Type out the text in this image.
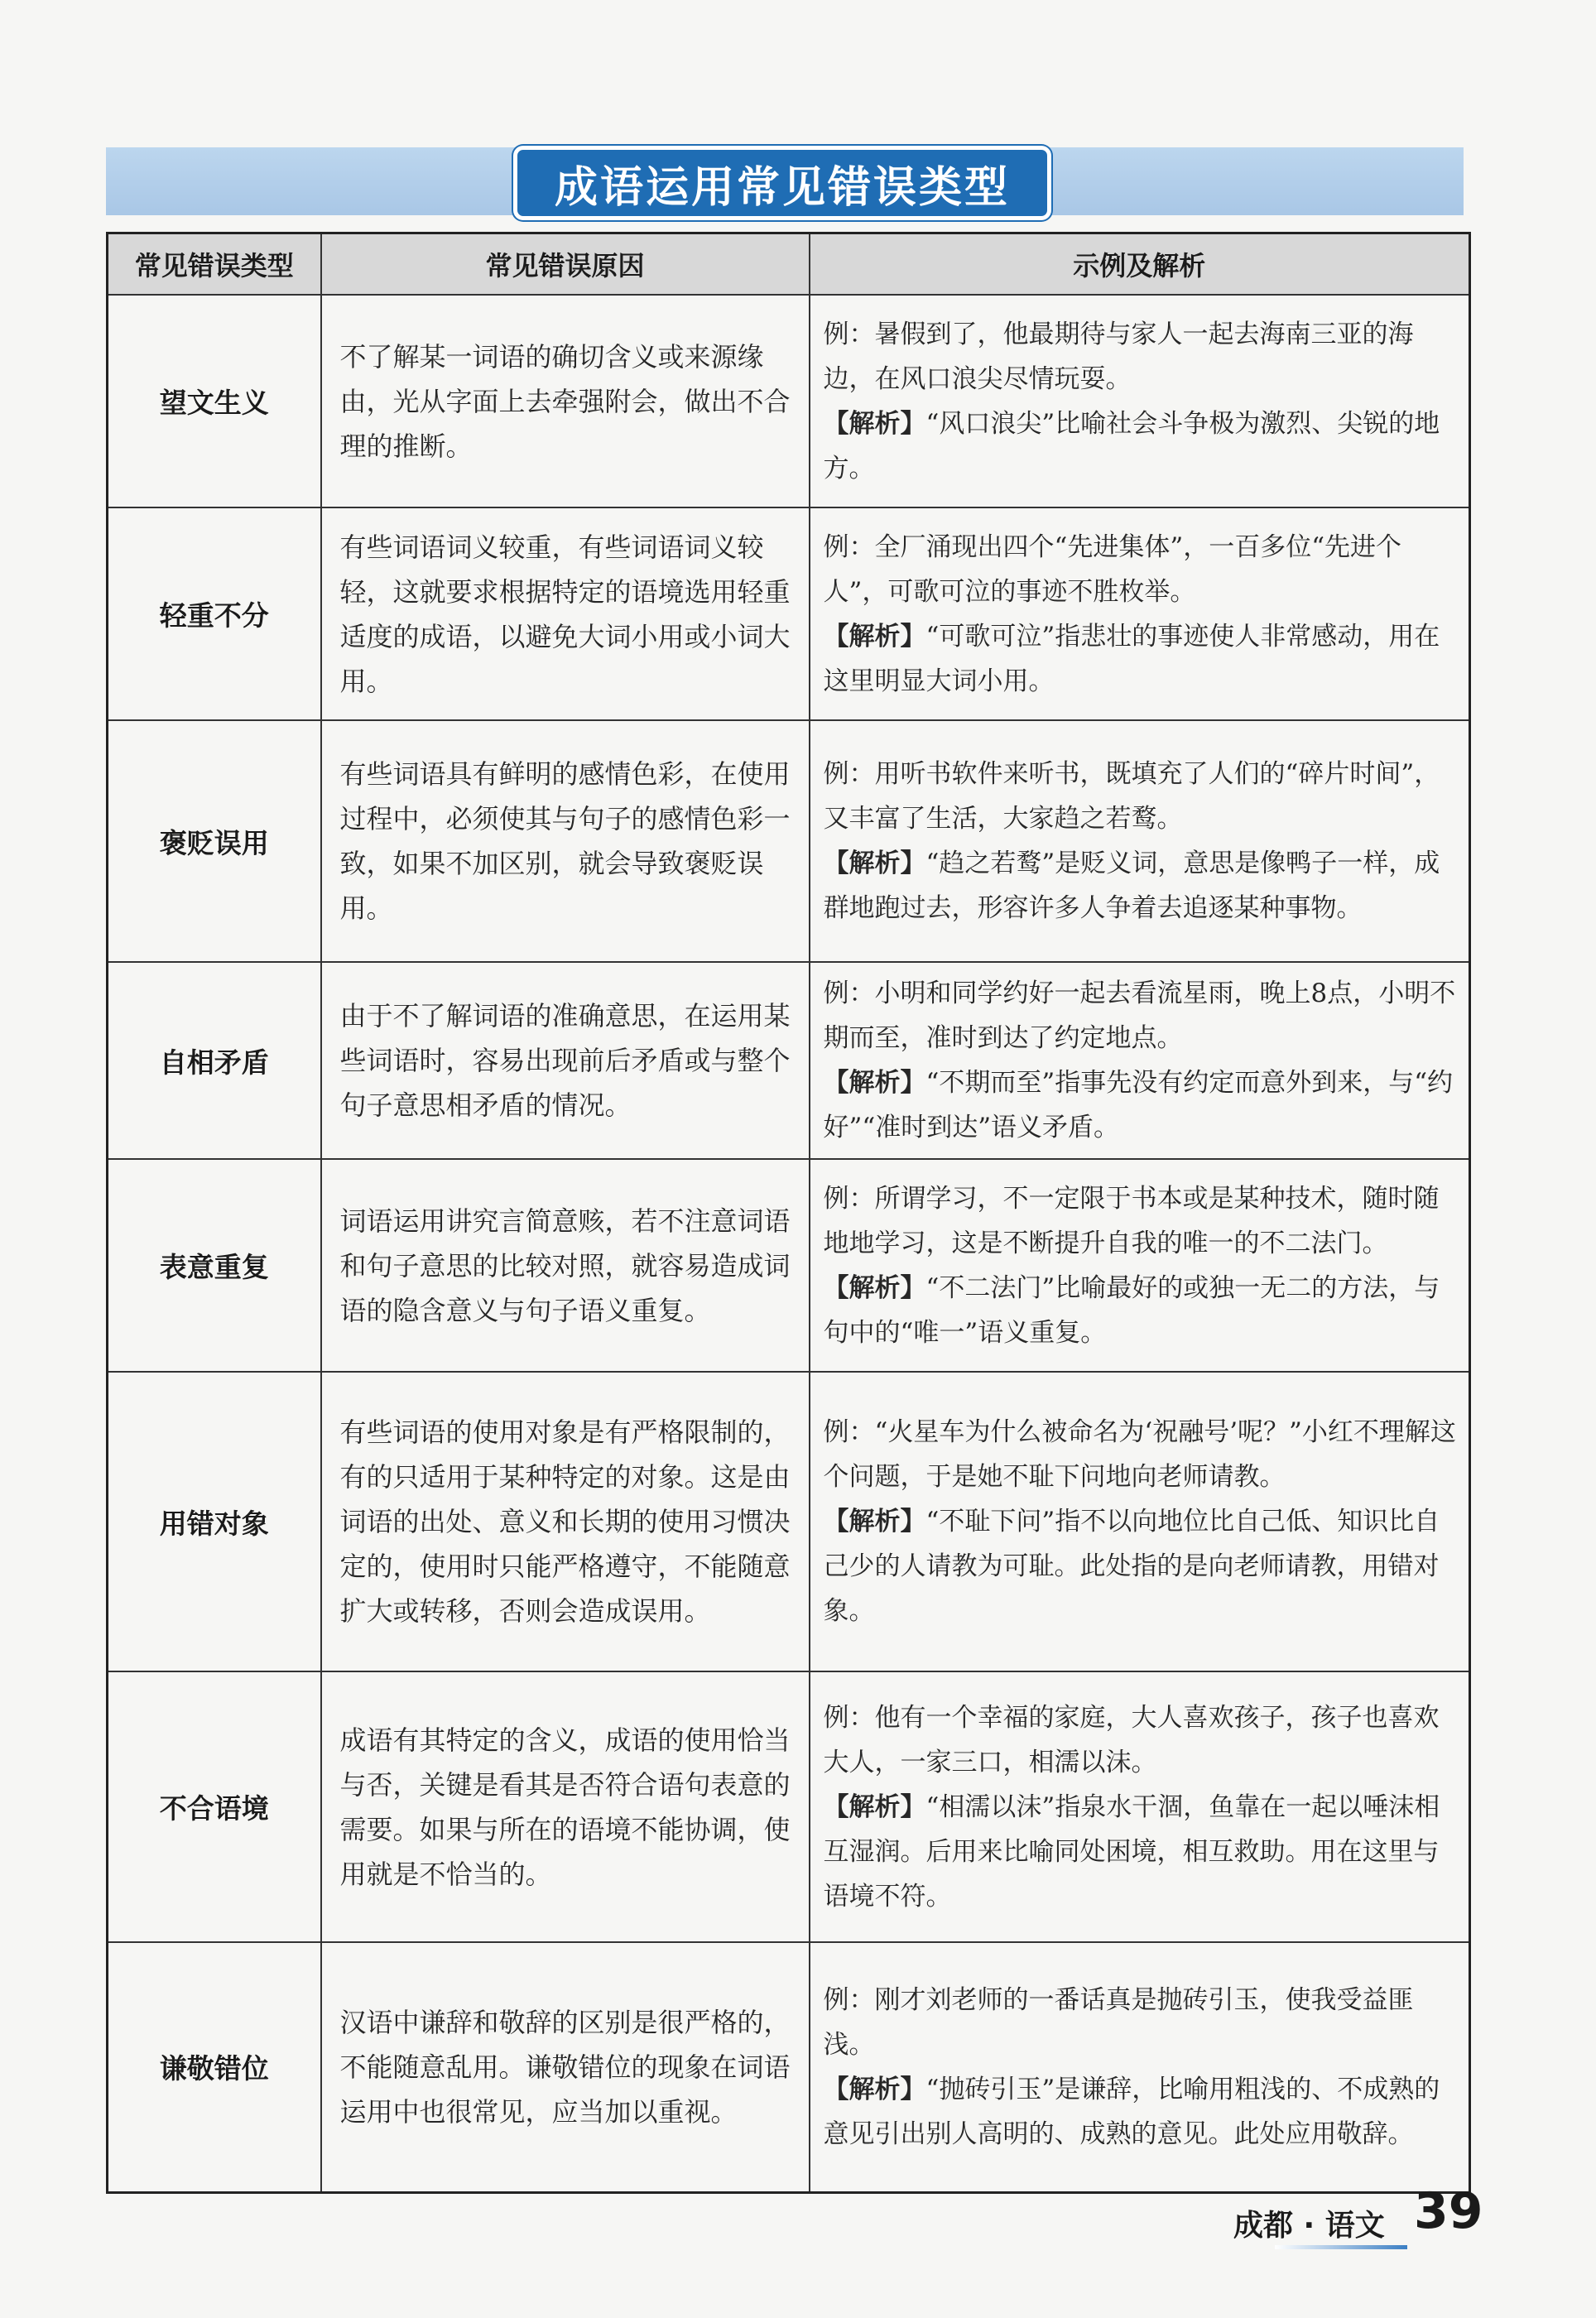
成语运用常见错误类型
常见错误类型	常见错误原因	示例及解析
望文生义	不了解某一词语的确切含义或来源缘由，光从字面上去牵强附会，做出不合理的推断。	例：暑假到了，他最期待与家人一起去海南三亚的海边，在风口浪尖尽情玩耍。
【解析】“风口浪尖”比喻社会斗争极为激烈、尖锐的地方。

轻重不分	有些词语词义较重，有些词语词义较轻，这就要求根据特定的语境选用轻重适度的成语，以避免大词小用或小词大用。	例：全厂涌现出四个“先进集体”，一百多位“先进个人”，可歌可泣的事迹不胜枚举。
【解析】“可歌可泣”指悲壮的事迹使人非常感动，用在这里明显大词小用。

褒贬误用	有些词语具有鲜明的感情色彩，在使用过程中，必须使其与句子的感情色彩一致，如果不加区别，就会导致褒贬误用。	例：用听书软件来听书，既填充了人们的“碎片时间”，又丰富了生活，大家趋之若鹜。
【解析】“趋之若鹜”是贬义词，意思是像鸭子一样，成群地跑过去，形容许多人争着去追逐某种事物。

自相矛盾	由于不了解词语的准确意思，在运用某些词语时，容易出现前后矛盾或与整个句子意思相矛盾的情况。	例：小明和同学约好一起去看流星雨，晚上8点，小明不期而至，准时到达了约定地点。
【解析】“不期而至”指事先没有约定而意外到来，与“约好”“准时到达”语义矛盾。

表意重复	词语运用讲究言简意赅，若不注意词语和句子意思的比较对照，就容易造成词语的隐含意义与句子语义重复。	例：所谓学习，不一定限于书本或是某种技术，随时随地地学习，这是不断提升自我的唯一的不二法门。
【解析】“不二法门”比喻最好的或独一无二的方法，与句中的“唯一”语义重复。

用错对象	有些词语的使用对象是有严格限制的，有的只适用于某种特定的对象。这是由词语的出处、意义和长期的使用习惯决定的，使用时只能严格遵守，不能随意扩大或转移，否则会造成误用。	例：“火星车为什么被命名为‘祝融号’呢？”小红不理解这个问题，于是她不耻下问地向老师请教。
【解析】“不耻下问”指不以向地位比自己低、知识比自己少的人请教为可耻。此处指的是向老师请教，用错对象。

不合语境	成语有其特定的含义，成语的使用恰当与否，关键是看其是否符合语句表意的需要。如果与所在的语境不能协调，使用就是不恰当的。	例：他有一个幸福的家庭，大人喜欢孩子，孩子也喜欢大人，一家三口，相濡以沫。
【解析】“相濡以沫”指泉水干涸，鱼靠在一起以唾沫相互湿润。后用来比喻同处困境，相互救助。用在这里与语境不符。

谦敬错位	汉语中谦辞和敬辞的区别是很严格的，不能随意乱用。谦敬错位的现象在词语运用中也很常见，应当加以重视。	例：刚才刘老师的一番话真是抛砖引玉，使我受益匪浅。
【解析】“抛砖引玉”是谦辞，比喻用粗浅的、不成熟的意见引出别人高明的、成熟的意见。此处应用敬辞。
成都 · 语文 39
